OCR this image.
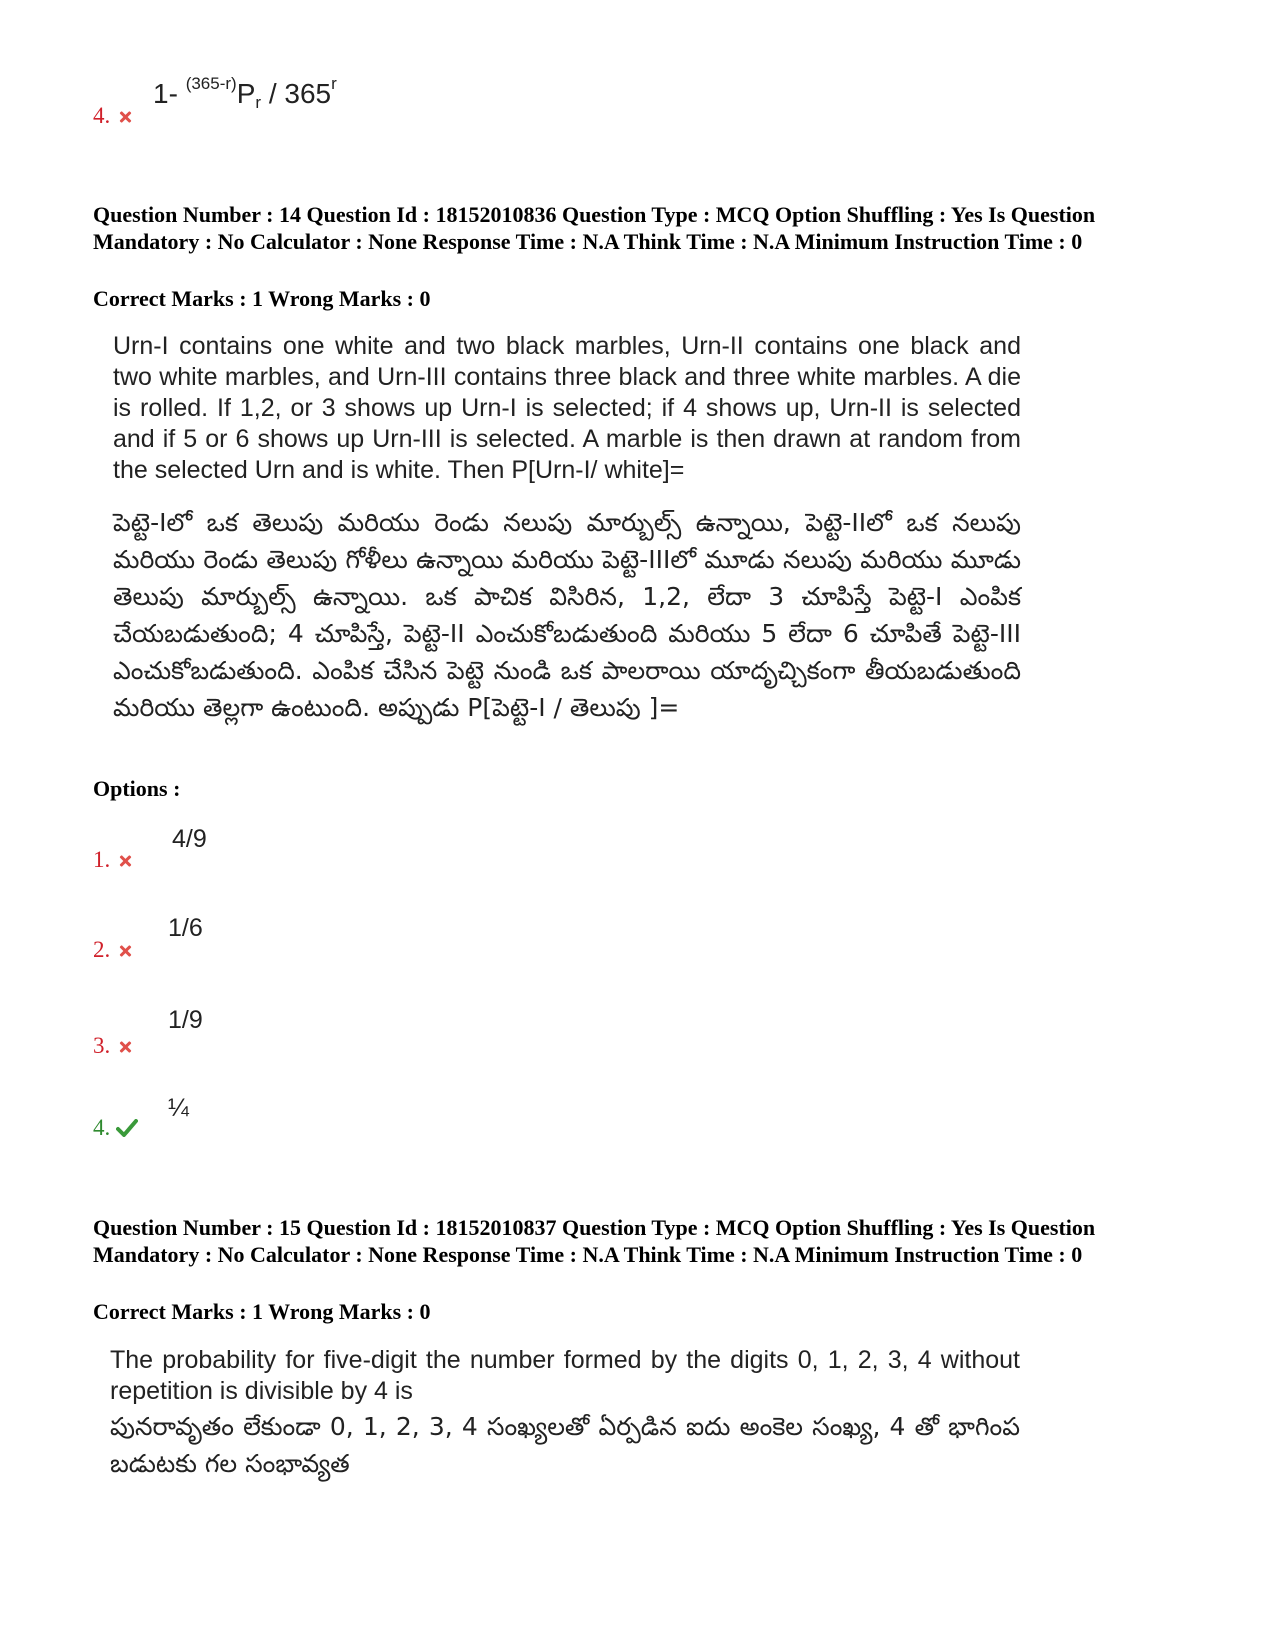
1- $^{(365-r)}P_r / 365^r$
4.
Question Number : 14 Question Id : 18152010836 Question Type : MCQ Option Shuffling : Yes Is Question Mandatory : No Calculator : None Response Time : N.A Think Time : N.A Minimum Instruction Time : 0
Correct Marks : 1 Wrong Marks : 0
Urn-I contains one white and two black marbles, Urn-II contains one black and two white marbles, and Urn-III contains three black and three white marbles. A die is rolled. If 1,2, or 3 shows up Urn-I is selected; if 4 shows up, Urn-II is selected and if 5 or 6 shows up Urn-III is selected. A marble is then drawn at random from the selected Urn and is white. Then P[Urn-I/ white]=
పెట్టె-Iలో ఒక తెలుపు మరియు రెండు నలుపు మార్బుల్స్ ఉన్నాయి, పెట్టె-IIలో ఒక నలుపు మరియు రెండు తెలుపు గోళీలు ఉన్నాయి మరియు పెట్టె-IIIలో మూడు నలుపు మరియు మూడు తెలుపు మార్బుల్స్ ఉన్నాయి. ఒక పాచిక విసిరిన, 1,2, లేదా 3 చూపిస్తే పెట్టె-I ఎంపిక చేయబడుతుంది; 4 చూపిస్తే, పెట్టె-II ఎంచుకోబడుతుంది మరియు 5 లేదా 6 చూపితే పెట్టె-III ఎంచుకోబడుతుంది. ఎంపిక చేసిన పెట్టె నుండి ఒక పాలరాయి యాదృచ్చికంగా తీయబడుతుంది మరియు తెల్లగా ఉంటుంది. అప్పుడు P[పెట్టె-I / తెలుపు ]=
Options :
4/9
1.
1/6
2.
1/9
3.
¼
4.
Question Number : 15 Question Id : 18152010837 Question Type : MCQ Option Shuffling : Yes Is Question Mandatory : No Calculator : None Response Time : N.A Think Time : N.A Minimum Instruction Time : 0
Correct Marks : 1 Wrong Marks : 0
The probability for five-digit the number formed by the digits 0, 1, 2, 3, 4 without repetition is divisible by 4 is
పునరావృతం లేకుండా 0, 1, 2, 3, 4 సంఖ్యలతో ఏర్పడిన ఐదు అంకెల సంఖ్య, 4 తో భాగింప బడుటకు గల సంభావ్యత
